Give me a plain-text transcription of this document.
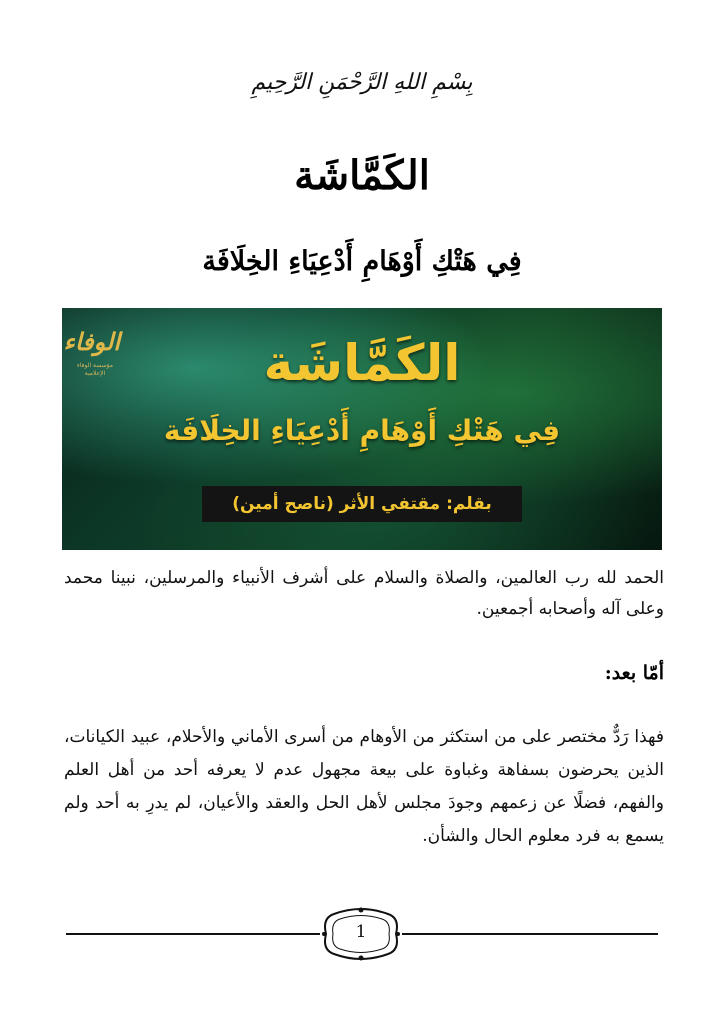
بِسْمِ اللهِ الرَّحْمَنِ الرَّحِيمِ
الكَمَّاشَة
فِي هَتْكِ أَوْهَامِ أَدْعِيَاءِ الخِلَافَة
الوفاء
مؤسسة الوفاء الإعلامية	الكَمَّاشَة
فِي هَتْكِ أَوْهَامِ أَدْعِيَاءِ الخِلَافَة
بقلم: مقتفي الأثر (ناصح أمين)
الحمد لله رب العالمين، والصلاة والسلام على أشرف الأنبياء والمرسلين، نبينا محمد وعلى آله وأصحابه أجمعين.
أمّا بعد:
فهذا رَدٌّ مختصر على من استكثر من الأوهام من أسرى الأماني والأحلام، عبيد الكيانات، الذين يحرضون بسفاهة وغباوة على بيعة مجهول عدم لا يعرفه أحد من أهل العلم والفهم، فضلًا عن زعمهم وجودَ مجلس لأهل الحل والعقد والأعيان، لم يدرِ به أحد ولم يسمع به فرد معلوم الحال والشأن.
1
